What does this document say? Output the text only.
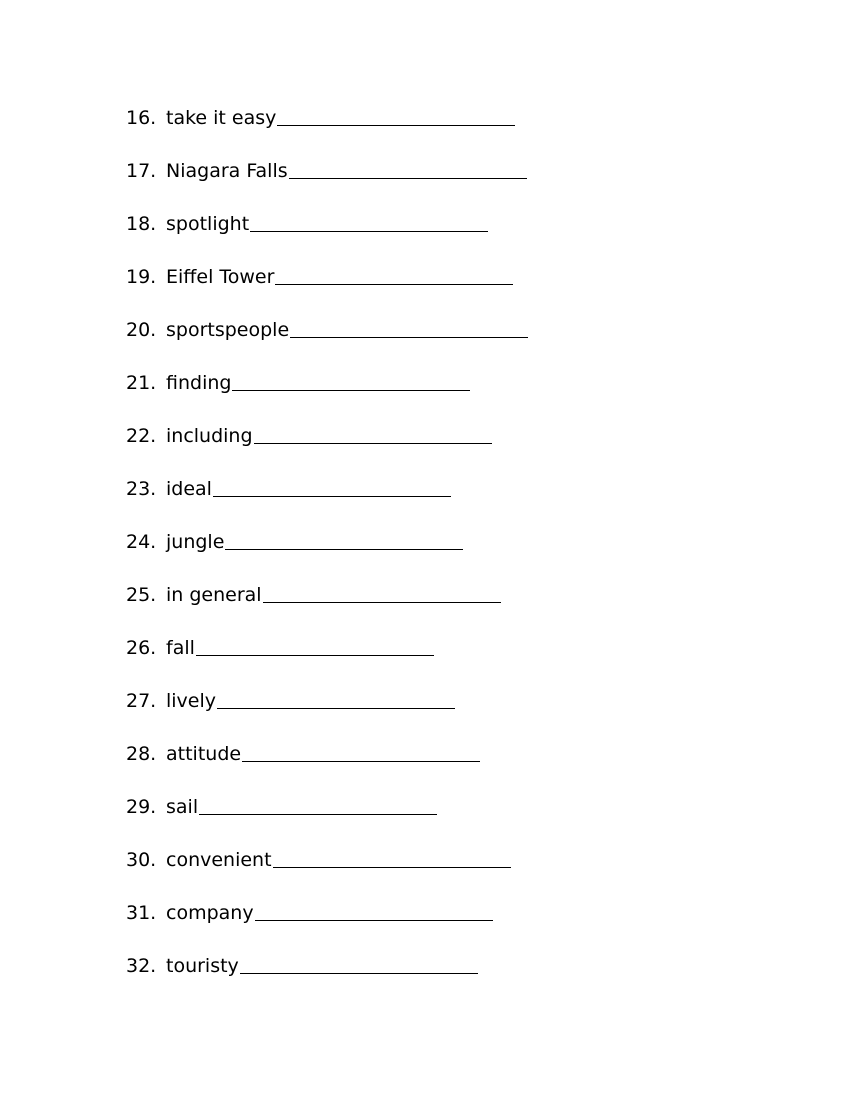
16. take it easy
17. Niagara Falls
18. spotlight
19. Eiffel Tower
20. sportspeople
21. finding
22. including
23. ideal
24. jungle
25. in general
26. fall
27. lively
28. attitude
29. sail
30. convenient
31. company
32. touristy
